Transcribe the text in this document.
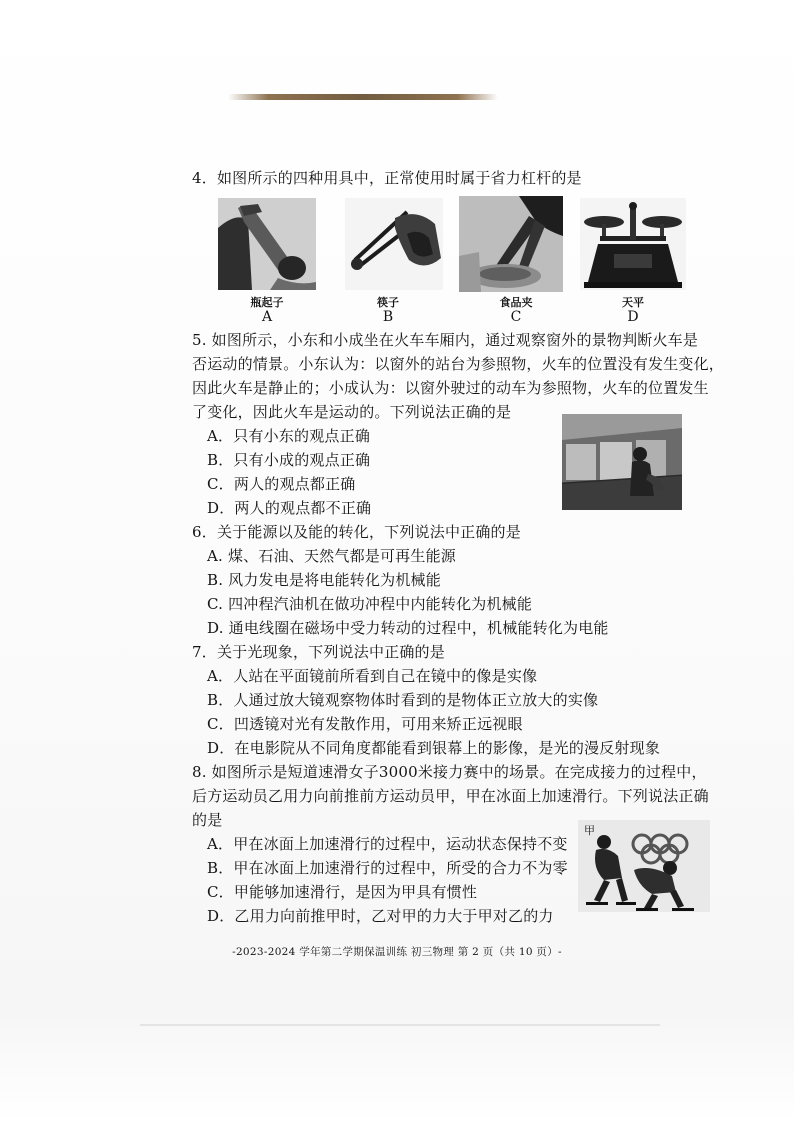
4．如图所示的四种用具中，正常使用时属于省力杠杆的是
瓶起子
A
筷子
B
食品夹
C
天平
D
5. 如图所示，小东和小成坐在火车车厢内，通过观察窗外的景物判断火车是
否运动的情景。小东认为：以窗外的站台为参照物，火车的位置没有发生变化，
因此火车是静止的；小成认为：以窗外驶过的动车为参照物，火车的位置发生
了变化，因此火车是运动的。下列说法正确的是
A．只有小东的观点正确
B．只有小成的观点正确
C．两人的观点都正确
D．两人的观点都不正确
6．关于能源以及能的转化，下列说法中正确的是
A. 煤、石油、天然气都是可再生能源
B. 风力发电是将电能转化为机械能
C. 四冲程汽油机在做功冲程中内能转化为机械能
D. 通电线圈在磁场中受力转动的过程中，机械能转化为电能
7．关于光现象，下列说法中正确的是
A．人站在平面镜前所看到自己在镜中的像是实像
B．人通过放大镜观察物体时看到的是物体正立放大的实像
C．凹透镜对光有发散作用，可用来矫正远视眼
D．在电影院从不同角度都能看到银幕上的影像，是光的漫反射现象
8. 如图所示是短道速滑女子3000米接力赛中的场景。在完成接力的过程中，
后方运动员乙用力向前推前方运动员甲，甲在冰面上加速滑行。下列说法正确
的是
A．甲在冰面上加速滑行的过程中，运动状态保持不变
B．甲在冰面上加速滑行的过程中，所受的合力不为零
C．甲能够加速滑行，是因为甲具有惯性
D．乙用力向前推甲时，乙对甲的力大于甲对乙的力
甲
-2023-2024 学年第二学期保温训练 初三物理 第 2 页（共 10 页）-
